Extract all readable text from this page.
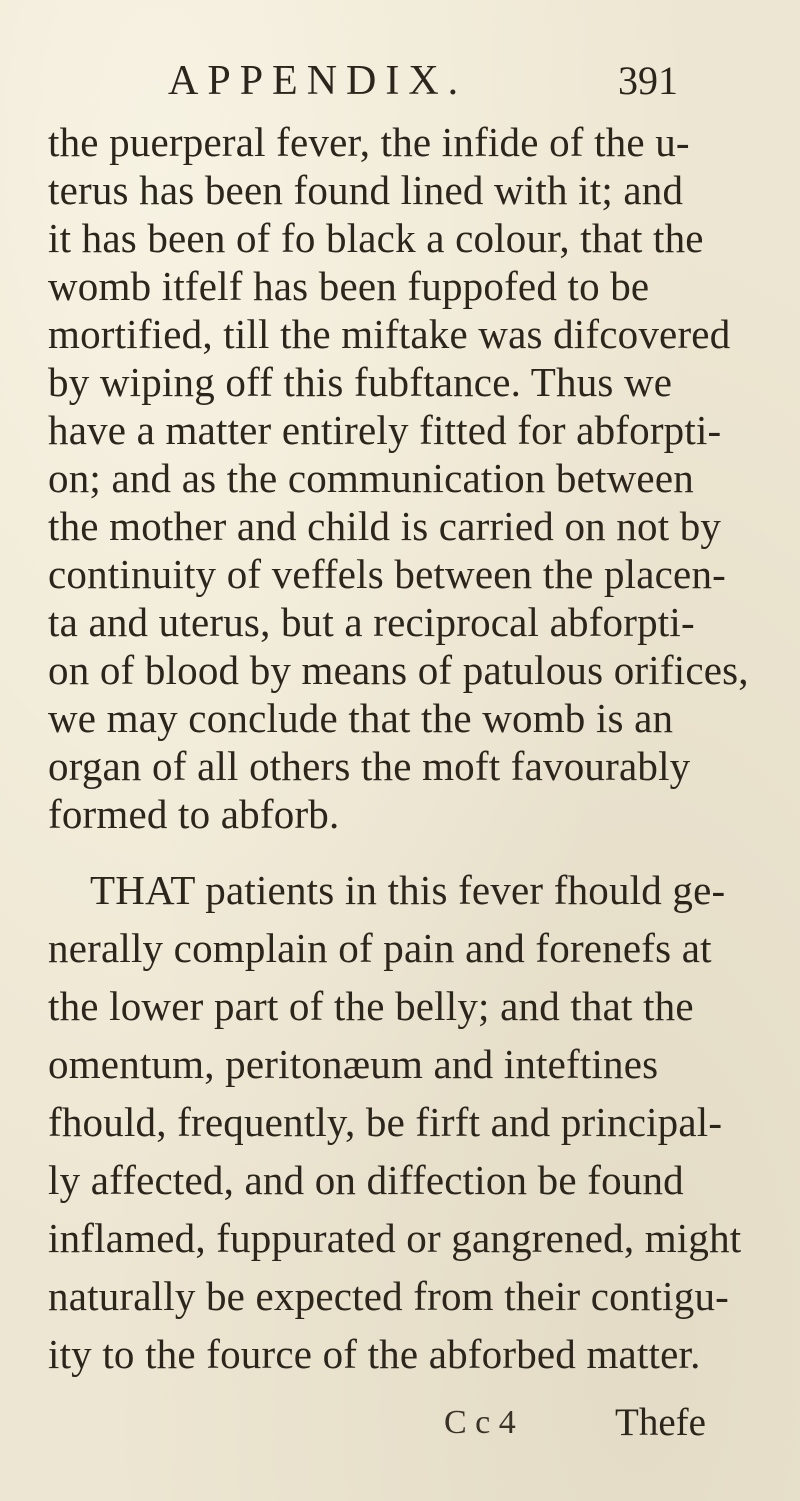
APPENDIX.	391
the puerperal fever, the infide of the u-
terus has been found lined with it; and
it has been of fo black a colour, that the
womb itfelf has been fuppofed to be
mortified, till the miftake was difcovered
by wiping off this fubftance. Thus we
have a matter entirely fitted for abforpti-
on; and as the communication between
the mother and child is carried on not by
continuity of veffels between the placen-
ta and uterus, but a reciprocal abforpti-
on of blood by means of patulous orifices,
we may conclude that the womb is an
organ of all others the moft favourably
formed to abforb.
THAT patients in this fever fhould ge-
nerally complain of pain and forenefs at
the lower part of the belly; and that the
omentum, peritonæum and inteftines
fhould, frequently, be firft and principal-
ly affected, and on diffection be found
inflamed, fuppurated or gangrened, might
naturally be expected from their contigu-
ity to the fource of the abforbed matter.
C c 4	Thefe
